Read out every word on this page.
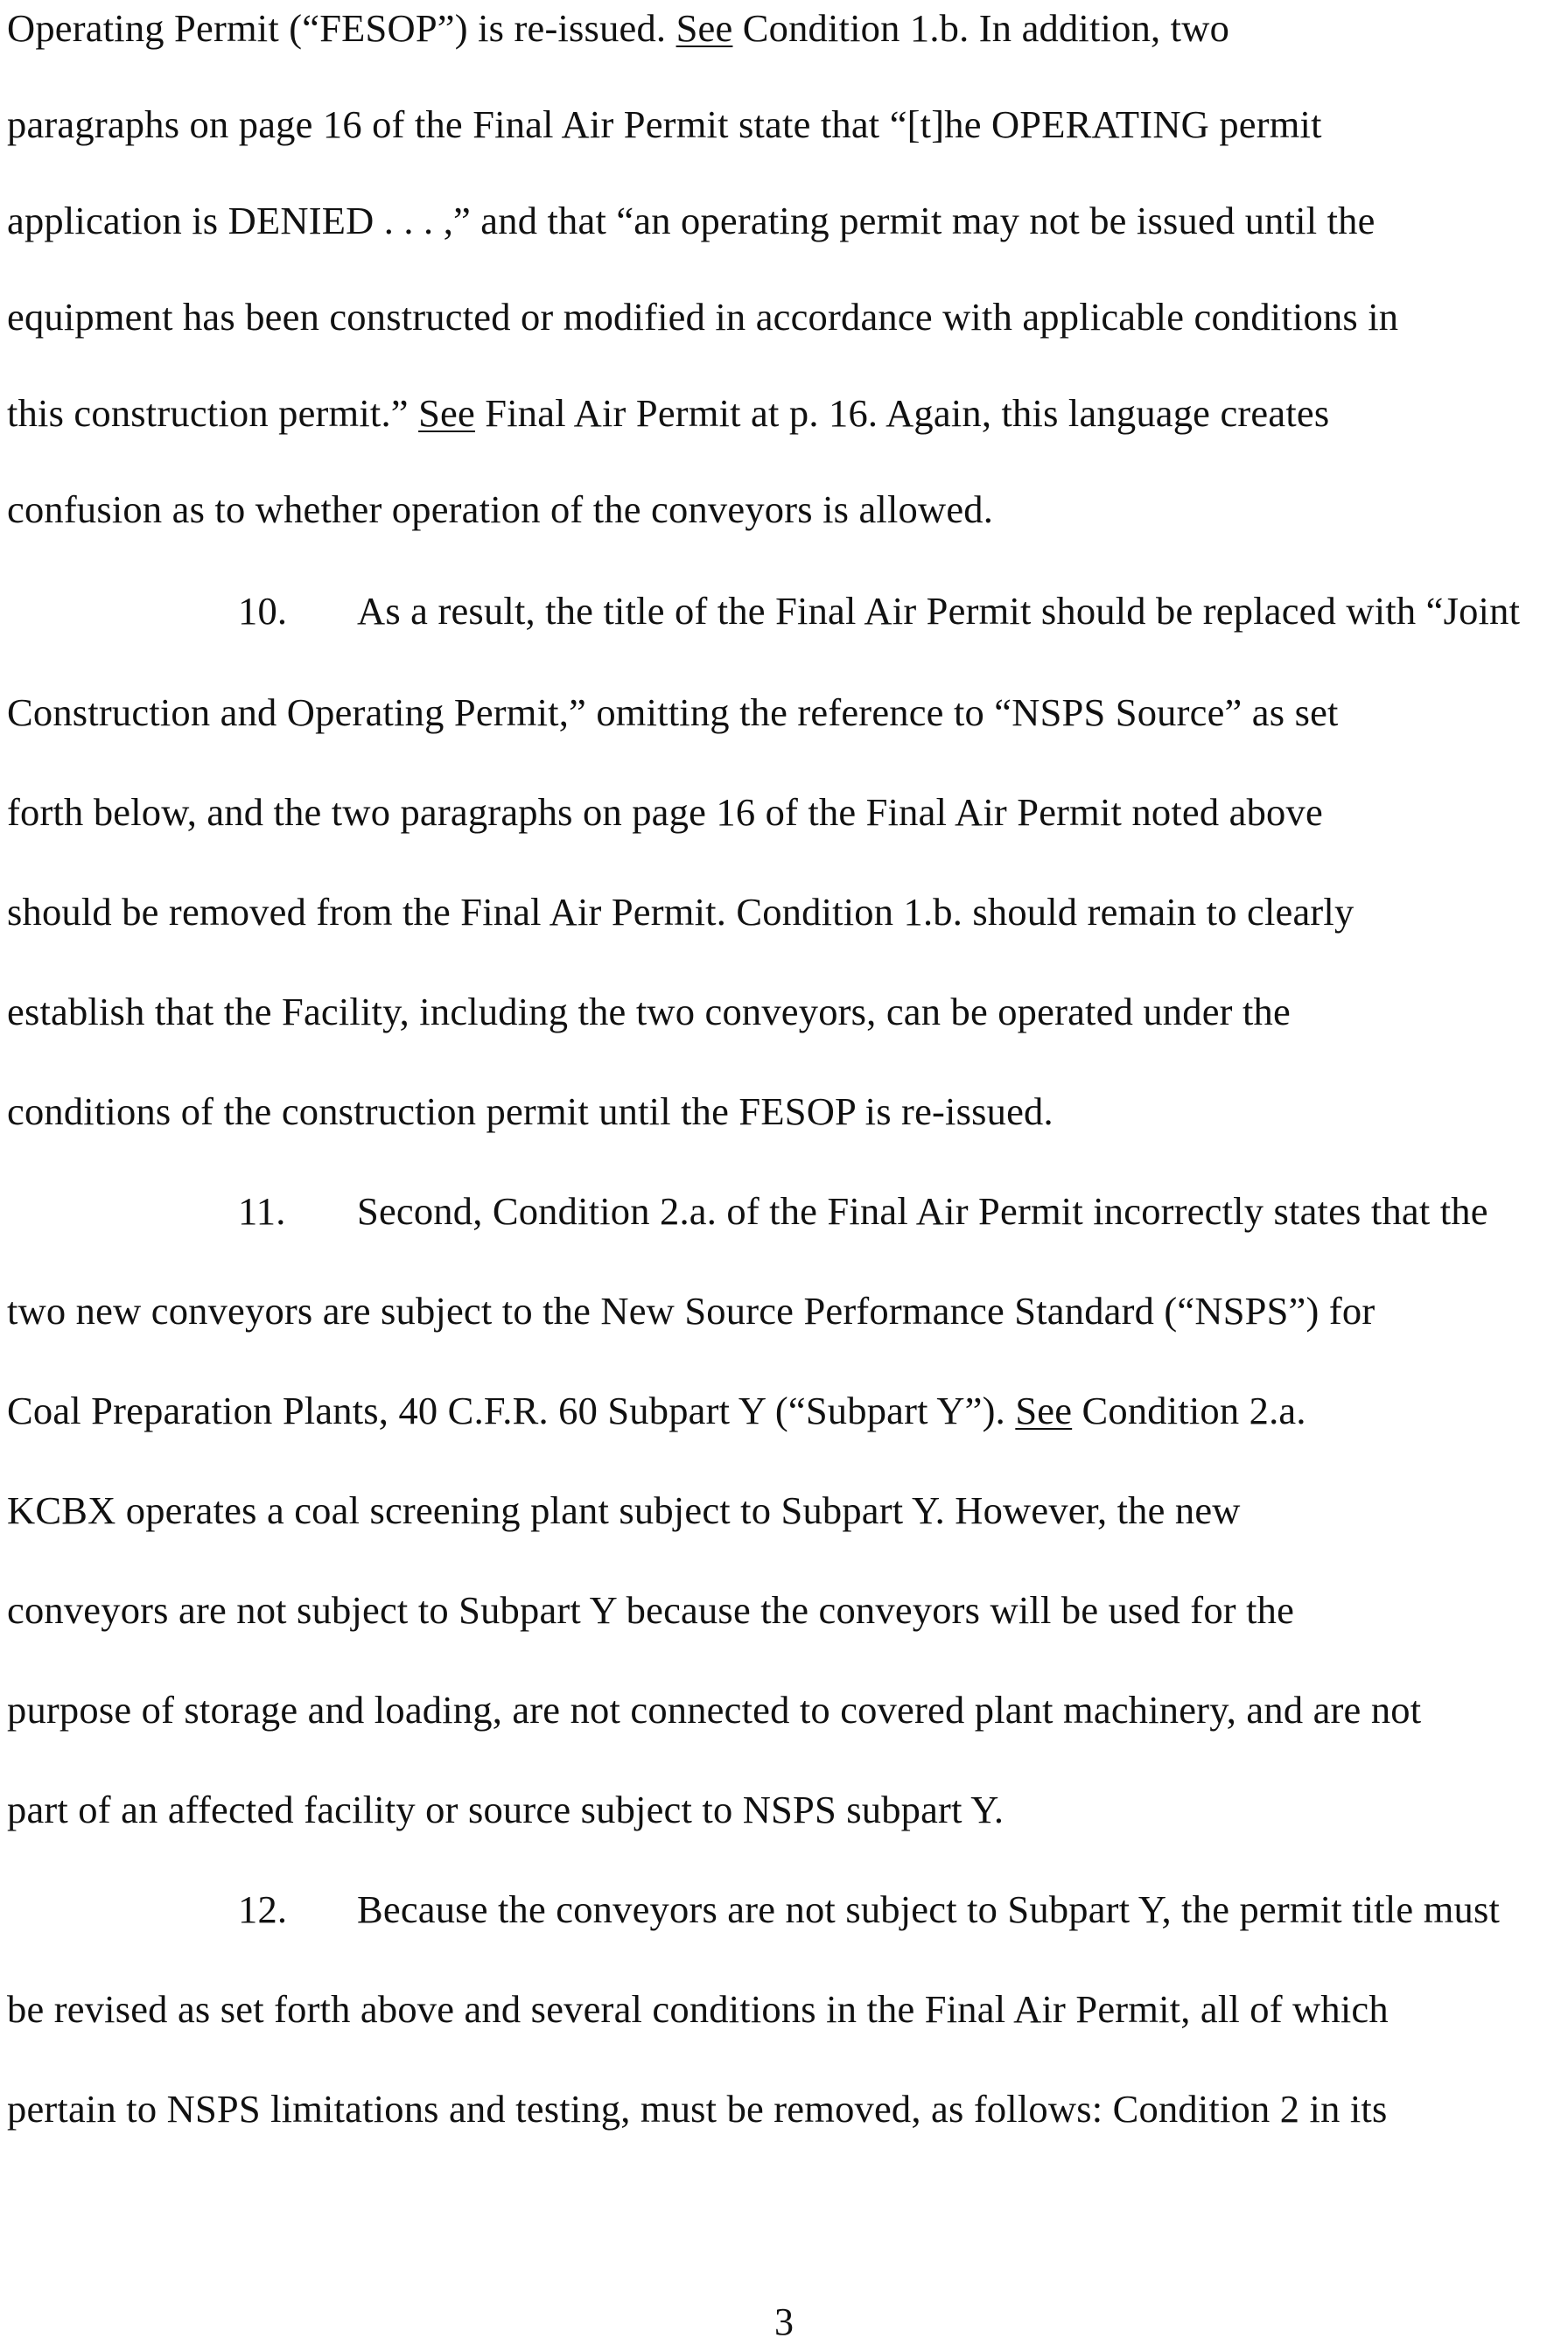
Operating Permit (“FESOP”) is re-issued. See Condition 1.b. In addition, two

paragraphs on page 16 of the Final Air Permit state that “[t]he OPERATING permit

application is DENIED . . . ,” and that “an operating permit may not be issued until the

equipment has been constructed or modified in accordance with applicable conditions in

this construction permit.” See Final Air Permit at p. 16. Again, this language creates

confusion as to whether operation of the conveyors is allowed.

10. As a result, the title of the Final Air Permit should be replaced with “Joint

Construction and Operating Permit,” omitting the reference to “NSPS Source” as set

forth below, and the two paragraphs on page 16 of the Final Air Permit noted above

should be removed from the Final Air Permit. Condition 1.b. should remain to clearly

establish that the Facility, including the two conveyors, can be operated under the

conditions of the construction permit until the FESOP is re-issued.

11. Second, Condition 2.a. of the Final Air Permit incorrectly states that the

two new conveyors are subject to the New Source Performance Standard (“NSPS”) for

Coal Preparation Plants, 40 C.F.R. 60 Subpart Y (“Subpart Y”). See Condition 2.a.

KCBX operates a coal screening plant subject to Subpart Y. However, the new

conveyors are not subject to Subpart Y because the conveyors will be used for the

purpose of storage and loading, are not connected to covered plant machinery, and are not

part of an affected facility or source subject to NSPS subpart Y.

12. Because the conveyors are not subject to Subpart Y, the permit title must

be revised as set forth above and several conditions in the Final Air Permit, all of which

pertain to NSPS limitations and testing, must be removed, as follows: Condition 2 in its

3
